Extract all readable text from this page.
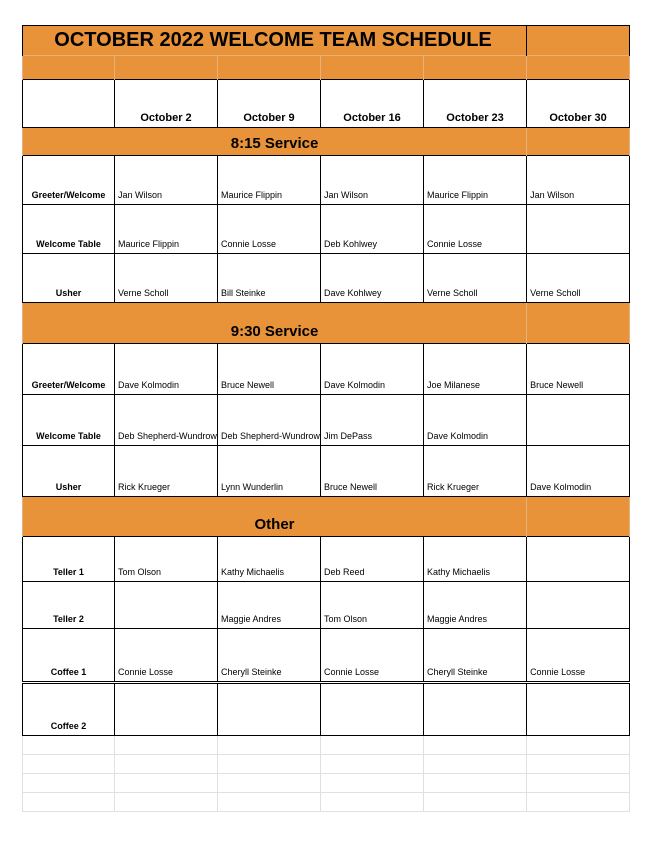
OCTOBER 2022 WELCOME TEAM SCHEDULE					

	October 2	October 9	October 16	October 23	October 30
8:15 Service					
Greeter/Welcome	Jan Wilson	Maurice Flippin	Jan Wilson	Maurice Flippin	Jan Wilson
Welcome Table	Maurice Flippin	Connie Losse	Deb Kohlwey	Connie Losse	
Usher	Verne Scholl	Bill Steinke	Dave Kohlwey	Verne Scholl	Verne Scholl
9:30 Service					
Greeter/Welcome	Dave Kolmodin	Bruce Newell	Dave Kolmodin	Joe Milanese	Bruce Newell
Welcome Table	Deb Shepherd-Wundrow	Deb Shepherd-Wundrow	Jim DePass	Dave Kolmodin	
Usher	Rick Krueger	Lynn Wunderlin	Bruce Newell	Rick Krueger	Dave Kolmodin
Other					
Teller 1	Tom Olson	Kathy Michaelis	Deb Reed	Kathy Michaelis	
Teller 2		Maggie Andres	Tom Olson	Maggie Andres	
Coffee 1	Connie Losse	Cheryll Steinke	Connie Losse	Cheryll Steinke	Connie Losse
Coffee 2					
